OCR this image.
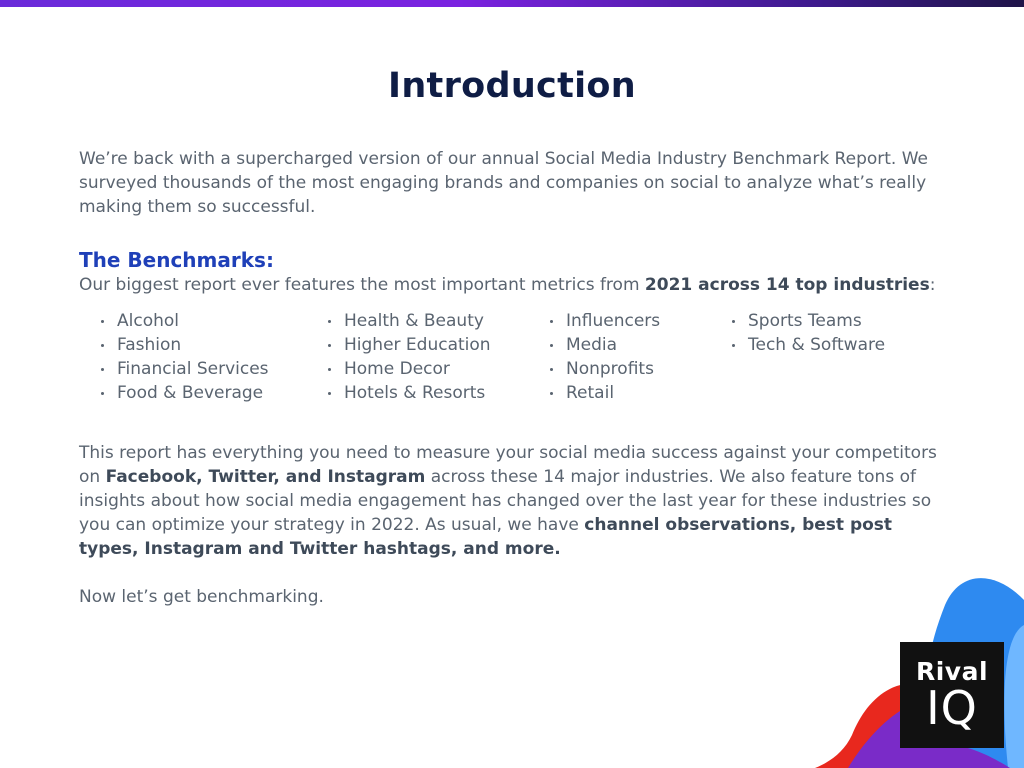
Introduction

We’re back with a supercharged version of our annual Social Media Industry Benchmark Report. We surveyed thousands of the most engaging brands and companies on social to analyze what’s really making them so successful.

The Benchmarks:

Our biggest report ever features the most important metrics from 2021 across 14 top industries:

Alcohol
Fashion
Financial Services
Food & Beverage
Health & Beauty
Higher Education
Home Decor
Hotels & Resorts
Influencers
Media
Nonprofits
Retail
Sports Teams
Tech & Software

This report has everything you need to measure your social media success against your competitors on Facebook, Twitter, and Instagram across these 14 major industries. We also feature tons of insights about how social media engagement has changed over the last year for these industries so you can optimize your strategy in 2022. As usual, we have channel observations, best post types, Instagram and Twitter hashtags, and more.

Now let’s get benchmarking.

Rival
IQ
